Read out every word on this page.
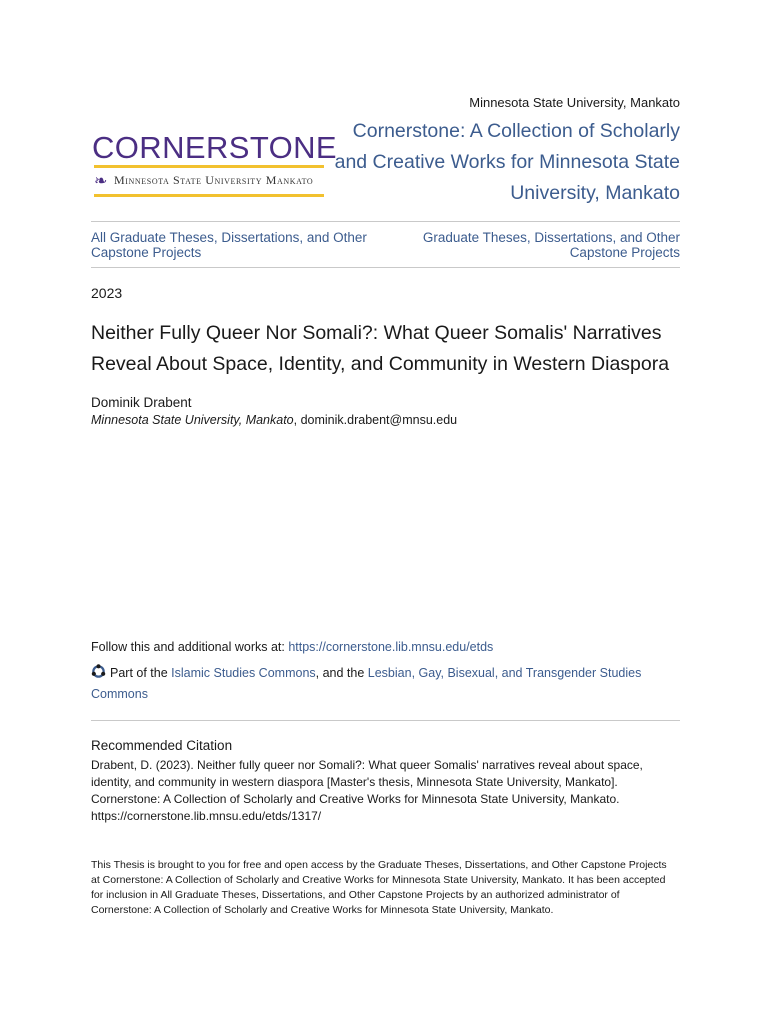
Minnesota State University, Mankato
CORNERSTONE
❧ Minnesota State University Mankato
Cornerstone: A Collection of Scholarly and Creative Works for Minnesota State University, Mankato
All Graduate Theses, Dissertations, and Other Capstone Projects
Graduate Theses, Dissertations, and Other Capstone Projects
2023
Neither Fully Queer Nor Somali?: What Queer Somalis' Narratives Reveal About Space, Identity, and Community in Western Diaspora
Dominik Drabent
Minnesota State University, Mankato, dominik.drabent@mnsu.edu
Follow this and additional works at: https://cornerstone.lib.mnsu.edu/etds
Part of the Islamic Studies Commons, and the Lesbian, Gay, Bisexual, and Transgender Studies Commons
Recommended Citation
Drabent, D. (2023). Neither fully queer nor Somali?: What queer Somalis' narratives reveal about space, identity, and community in western diaspora [Master's thesis, Minnesota State University, Mankato]. Cornerstone: A Collection of Scholarly and Creative Works for Minnesota State University, Mankato. https://cornerstone.lib.mnsu.edu/etds/1317/
This Thesis is brought to you for free and open access by the Graduate Theses, Dissertations, and Other Capstone Projects at Cornerstone: A Collection of Scholarly and Creative Works for Minnesota State University, Mankato. It has been accepted for inclusion in All Graduate Theses, Dissertations, and Other Capstone Projects by an authorized administrator of Cornerstone: A Collection of Scholarly and Creative Works for Minnesota State University, Mankato.
